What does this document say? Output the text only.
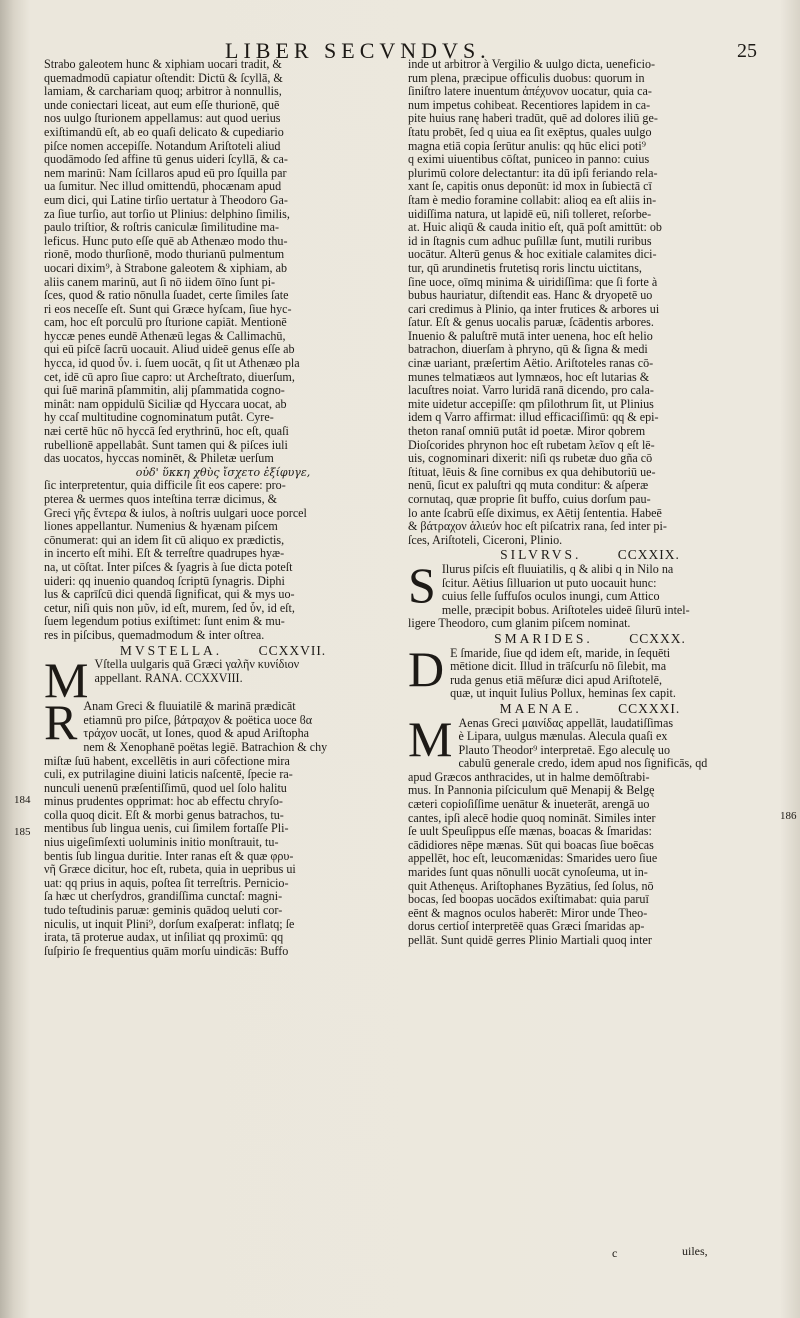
LIBER SECVNDVS.	25
Strabo galeotem hunc & xiphiam uocari tradit, &
quemadmodū capiatur oſtendit: Dictū & ſcyllā, &
lamiam, & carchariam quoq; arbitror à nonnullis,
unde coniectari liceat, aut eum eſſe thurionē, quē
nos uulgo ſturionem appellamus: aut quod uerius
exiſtimandū eſt, ab eo quaſi delicato & cupediario
piſce nomen accepiſſe. Notandum Ariſtoteli aliud
quodāmodo ſed affine tū genus uideri ſcyllā, & ca-
nem marinū: Nam ſcillaros apud eū pro ſquilla par
ua ſumitur. Nec illud omittendū, phocænam apud
eum dici, qui Latine tirſio uertatur à Theodoro Ga-
za ſiue turſio, aut torſio ut Plinius: delphino ſimilis,
paulo triſtior, & roſtris caniculæ ſimilitudine ma-
leficus. Hunc puto eſſe quē ab Athenæo modo thu-
rionē, modo thurſionē, modo thurianū pulmentum
uocari dixim⁹, à Strabone galeotem & xiphiam, ab
aliis canem marinū, aut ſi nō iidem ōīno ſunt pi-
ſces, quod & ratio nōnulla ſuadet, certe ſimiles ſate
ri eos neceſſe eſt. Sunt qui Græce hyſcam, ſiue hyc-
cam, hoc eſt porculū pro ſturione capiāt. Mentionē
hyccæ penes eundē Athenæū legas & Callimachū,
qui eū piſcē ſacrū uocauit. Aliud uideē genus eſſe ab
hycca, id quod ὗν. i. ſuem uocāt, q ſit ut Athenæo pla
cet, idē cū apro ſiue capro: ut Archeſtrato, diuerſum,
qui ſuē marinā pſammitin, alij pſammatida cogno-
minât: nam oppidulū Siciliæ qd Hyccara uocat, ab
hy ccaſ multitudine cognominatum putât. Cyre-
næi certē hūc nō hyccā ſed erythrinū, hoc eſt, quaſi
rubellionē appellabât. Sunt tamen qui & piſces iuli
das uocatos, hyccas nominēt, & Philetæ uerſum
οὐδ' ὕκκη χθὺς ἴσχετο ἐξίφυγε,
ſic interpretentur, quia difficile ſit eos capere: pro-
pterea & uermes quos inteſtina terræ dicimus, &
Greci γῆς ἔντερα & iulos, à noſtris uulgari uoce porcel
liones appellantur. Numenius & hyænam piſcem
cōnumerat: qui an idem ſit cū aliquo ex prædictis,
in incerto eſt mihi. Eſt & terreſtre quadrupes hyæ-
na, ut cōſtat. Inter piſces & ſyagris à ſue dicta poteſt
uideri: qq inuenio quandoq ſcriptū ſynagris. Diphi
lus & caprīſcū dici quendā ſignificat, qui & mys uo-
cetur, niſi quis non μῦν, id eſt, murem, ſed ὗν, id eſt,
ſuem legendum potius exiſtimet: ſunt enim & mu-
res in piſcibus, quemadmodum & inter oſtrea.
MVSTELLA.	CCXXVII.
M Vſtella uulgaris quā Græci γαλῆν κυνίδιον
appellant. RANA. CCXXVIII.
R Anam Greci & fluuiatilē & marinā prædicāt
etiamnū pro piſce, βάτραχον & poëtica uoce ϐα
τράχον uocāt, ut Iones, quod & apud Ariſtopha
nem & Xenophanē poëtas legiē. Batrachion & chy
miſtæ ſuū habent, excellētis in auri cōfectione mira
culi, ex putrilagine diuini laticis naſcentē, ſpecie ra-
nunculi uenenū præſentiſſimū, quod uel ſolo halitu
minus prudentes opprimat: hoc ab effectu chryſo-
colla quoq dicit. Eſt & morbi genus batrachos, tu-
mentibus ſub lingua uenis, cui ſimilem fortaſſe Pli-
nius uigeſimſexti uoluminis initio monſtrauit, tu-
bentis ſub lingua duritie. Inter ranas eſt & quæ φρυ-
νῆ Græce dicitur, hoc eſt, rubeta, quia in uepribus ui
uat: qq prius in aquis, poſtea ſit terreſtris. Pernicio-
ſa hæc ut cherſydros, grandiſſima cunctaſ: magni-
tudo teſtudinis paruæ: geminis quādoq ueluti cor-
niculis, ut inquit Plini⁹, dorſum exaſperat: inflatq; ſe
irata, tā proterue audax, ut inſiliat qq proximū: qq
ſuſpirio ſe frequentius quām morſu uindicās: Buffo
184
185
inde ut arbitror à Vergilio & uulgo dicta, ueneficio-
rum plena, præcipue officulis duobus: quorum in
ſiniſtro latere inuentum ἀπέχυνον uocatur, quia ca-
num impetus cohibeat. Recentiores lapidem in ca-
pite huius ranę haberi tradūt, quē ad dolores iliū ge-
ſtatu probēt, ſed q uiua ea ſit exēptus, quales uulgo
magna etiā copia ſerūtur anulis: qq hūc elici poti⁹
q eximi uiuentibus cōſtat, puniceo in panno: cuius
plurimū colore delectantur: ita dū ipſi feriando rela-
xant ſe, capitis onus deponūt: id mox in ſubiectā cī
ſtam è medio foramine collabit: alioq ea eſt aliis in-
uidiſſima natura, ut lapidē eū, niſi tolleret, reſorbe-
at. Huic aliqū & cauda initio eſt, quā poſt amittūt: ob
id in ſtagnis cum adhuc puſillæ ſunt, mutili ruribus
uocātur. Alterū genus & hoc exitiale calamites dici-
tur, qū arundinetis frutetisq roris linctu uictitans,
ſine uoce, oīmq minima & uiridiſſima: que ſi forte à
bubus hauriatur, diſtendit eas. Hanc & dryopetē uo
cari credimus à Plinio, qa inter frutices & arbores ui
ſatur. Eſt & genus uocalis paruæ, ſcādentis arbores.
Inuenio & paluſtrē mutā inter uenena, hoc eſt helio
batrachon, diuerſam à phryno, qū & ſigna & medi
cinæ uariant, præſertim Aëtio. Ariſtoteles ranas cō-
munes telmatiæos aut lymnæos, hoc eſt lutarias &
lacuſtres noiat. Varro luridā ranā dicendo, pro cala-
mite uidetur accepiſſe: qm pſilothrum ſit, ut Plinius
idem q Varro affirmat: illud efficaciſſimū: qq & epi-
theton ranaſ omniū putât id poetæ. Miror qobrem
Dioſcorides phrynon hoc eſt rubetam λεῖον q eſt lē-
uis, cognominari dixerit: niſi qs rubetæ duo gña cō
ſtituat, lēuis & ſine cornibus ex qua dehibutoriū ue-
nenū, ſicut ex paluſtri qq muta conditur: & aſperæ
cornutaq, quæ proprie ſit buffo, cuius dorſum pau-
lo ante ſcabrū eſſe diximus, ex Aētij ſententia. Habeē
& βάτραχον ἁλιεύν hoc eſt piſcatrix rana, ſed inter pi-
ſces, Ariſtoteli, Ciceroni, Plinio.
SILVRVS.	CCXXIX.
S Ilurus piſcis eſt fluuiatilis, q & alibi q in Nilo na
ſcitur. Aëtius ſilluarion ut puto uocauit hunc:
cuius ſelle ſuffuſos oculos inungi, cum Attico
melle, præcipit bobus. Ariſtoteles uideē ſilurū intel-
ligere Theodoro, cum glanim piſcem nominat.
SMARIDES.	CCXXX.
D E ſmaride, ſiue qd idem eſt, maride, in ſequēti
mētione dicit. Illud in trāſcurſu nō ſilebit, ma
ruda genus etiā mēſuræ dici apud Ariſtotelē,
quæ, ut inquit Iulius Pollux, heminas ſex capit.
MAENAE.	CCXXXI.
M Aenas Greci μαινίδας appellāt, laudatiſſimas
è Lipara, uulgus mænulas. Alecula quaſi ex
Plauto Theodor⁹ interpretaē. Ego aleculę uo
cabulū generale credo, idem apud nos ſignificās, qd
apud Græcos anthracides, ut in halme demōſtrabi-
mus. In Pannonia piſciculum quē Menapij & Belgę
cæteri copioſiſſime uenātur & inueterāt, arengā uo
cantes, ipſi alecē hodie quoq nomināt. Similes inter
ſe uult Speuſippus eſſe mænas, boacas & ſmaridas:
cādidiores nēpe mænas. Sūt qui boacas ſiue boēcas
appellēt, hoc eſt, leucomænidas: Smarides uero ſiue
marides ſunt quas nōnulli uocāt cynoſeuma, ut in-
quit Athenęus. Ariſtophanes Byzātius, ſed ſolus, nō
bocas, ſed boopas uocādos exiſtimabat: quia paruī
eēnt & magnos oculos haberēt: Miror unde Theo-
dorus certioſ interpretēē quas Græci ſmaridas ap-
pellāt. Sunt quidē gerres Plinio Martiali quoq inter
186
c	uiles,
